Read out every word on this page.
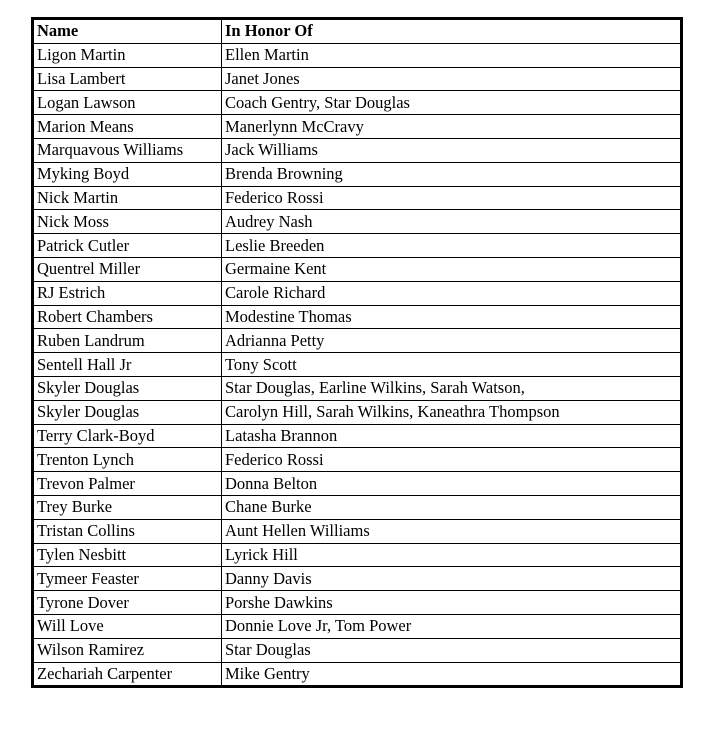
Name	In Honor Of
Ligon Martin	Ellen Martin
Lisa Lambert	Janet Jones
Logan Lawson	Coach Gentry, Star Douglas
Marion Means	Manerlynn McCravy
Marquavous Williams	Jack Williams
Myking Boyd	Brenda Browning
Nick Martin	Federico Rossi
Nick Moss	Audrey Nash
Patrick Cutler	Leslie Breeden
Quentrel Miller	Germaine Kent
RJ Estrich	Carole Richard
Robert Chambers	Modestine Thomas
Ruben Landrum	Adrianna Petty
Sentell Hall Jr	Tony Scott
Skyler Douglas	Star Douglas, Earline Wilkins, Sarah Watson,
Skyler Douglas	Carolyn Hill, Sarah Wilkins, Kaneathra Thompson
Terry Clark-Boyd	Latasha Brannon
Trenton Lynch	Federico Rossi
Trevon Palmer	Donna Belton
Trey Burke	Chane Burke
Tristan Collins	Aunt Hellen Williams
Tylen Nesbitt	Lyrick Hill
Tymeer Feaster	Danny Davis
Tyrone Dover	Porshe Dawkins
Will Love	Donnie Love Jr, Tom Power
Wilson Ramirez	Star Douglas
Zechariah Carpenter	Mike Gentry
